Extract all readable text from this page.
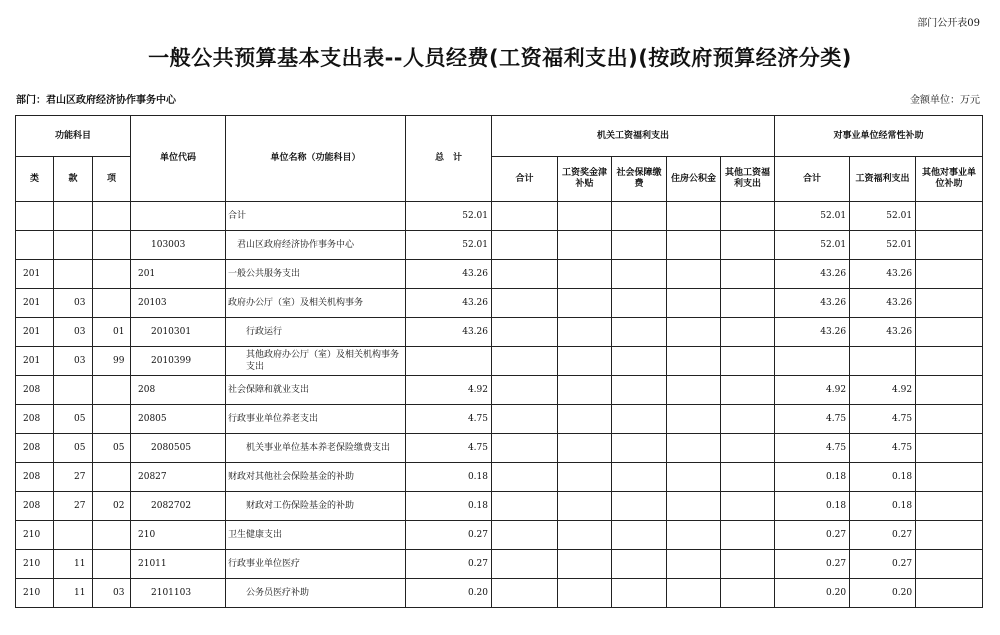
部门公开表09
一般公共预算基本支出表--人员经费(工资福利支出)(按政府预算经济分类)
部门：君山区政府经济协作事务中心	金额单位：万元
功能科目			单位代码	单位名称（功能科目）	总　计	机关工资福利支出					对事业单位经常性补助		
类	款	项				合计	工资奖金津补贴	社会保障缴费	住房公积金	其他工资福利支出	合计	工资福利支出	其他对事业单位补助
				合计	52.01						52.01	52.01	
			103003	君山区政府经济协作事务中心	52.01						52.01	52.01	
201			201	一般公共服务支出	43.26						43.26	43.26	
201	03		20103	政府办公厅（室）及相关机构事务	43.26						43.26	43.26	
201	03	01	2010301	行政运行	43.26						43.26	43.26	
201	03	99	2010399	其他政府办公厅（室）及相关机构事务支出									
208			208	社会保障和就业支出	4.92						4.92	4.92	
208	05		20805	行政事业单位养老支出	4.75						4.75	4.75	
208	05	05	2080505	机关事业单位基本养老保险缴费支出	4.75						4.75	4.75	
208	27		20827	财政对其他社会保险基金的补助	0.18						0.18	0.18	
208	27	02	2082702	财政对工伤保险基金的补助	0.18						0.18	0.18	
210			210	卫生健康支出	0.27						0.27	0.27	
210	11		21011	行政事业单位医疗	0.27						0.27	0.27	
210	11	03	2101103	公务员医疗补助	0.20						0.20	0.20	
